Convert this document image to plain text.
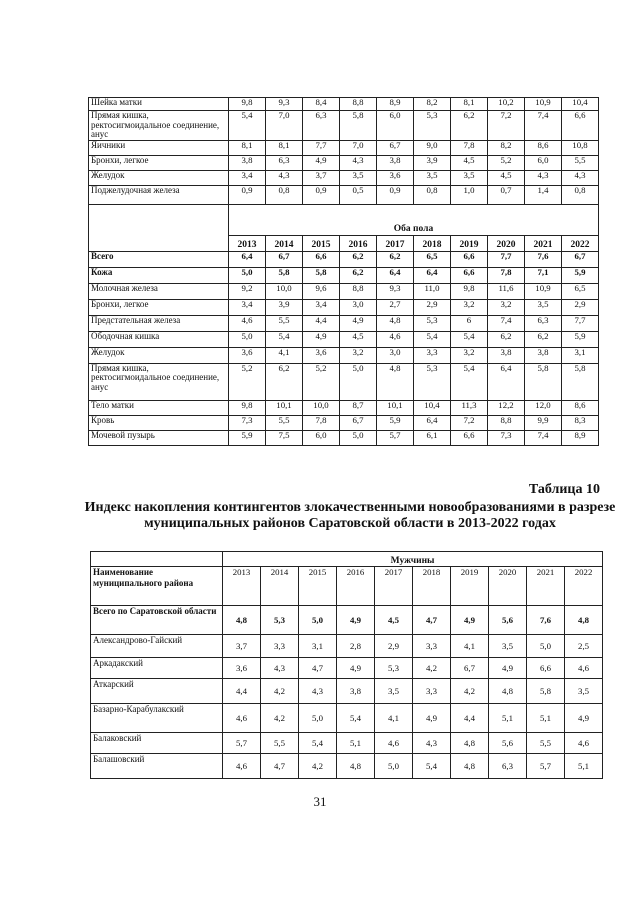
Шейка матки	9,8	9,3	8,4	8,8	8,9	8,2	8,1	10,2	10,9	10,4
Прямая кишка, ректосигмоидальное соединение, анус	5,4	7,0	6,3	5,8	6,0	5,3	6,2	7,2	7,4	6,6
Яичники	8,1	8,1	7,7	7,0	6,7	9,0	7,8	8,2	8,6	10,8
Бронхи, легкое	3,8	6,3	4,9	4,3	3,8	3,9	4,5	5,2	6,0	5,5
Желудок	3,4	4,3	3,7	3,5	3,6	3,5	3,5	4,5	4,3	4,3
Поджелудочная железа	0,9	0,8	0,9	0,5	0,9	0,8	1,0	0,7	1,4	0,8
	Оба пола									
	2013	2014	2015	2016	2017	2018	2019	2020	2021	2022
Всего	6,4	6,7	6,6	6,2	6,2	6,5	6,6	7,7	7,6	6,7
Кожа	5,0	5,8	5,8	6,2	6,4	6,4	6,6	7,8	7,1	5,9
Молочная железа	9,2	10,0	9,6	8,8	9,3	11,0	9,8	11,6	10,9	6,5
Бронхи, легкое	3,4	3,9	3,4	3,0	2,7	2,9	3,2	3,2	3,5	2,9
Предстательная железа	4,6	5,5	4,4	4,9	4,8	5,3	6	7,4	6,3	7,7
Ободочная кишка	5,0	5,4	4,9	4,5	4,6	5,4	5,4	6,2	6,2	5,9
Желудок	3,6	4,1	3,6	3,2	3,0	3,3	3,2	3,8	3,8	3,1
Прямая кишка, ректосигмоидальное соединение, анус	5,2	6,2	5,2	5,0	4,8	5,3	5,4	6,4	5,8	5,8
Тело матки	9,8	10,1	10,0	8,7	10,1	10,4	11,3	12,2	12,0	8,6
Кровь	7,3	5,5	7,8	6,7	5,9	6,4	7,2	8,8	9,9	8,3
Мочевой пузырь	5,9	7,5	6,0	5,0	5,7	6,1	6,6	7,3	7,4	8,9
Таблица 10
Индекс накопления контингентов злокачественными новообразованиями в разрезе муниципальных районов Саратовской области в 2013-2022 годах
	Мужчины									
Наименование муниципального района	2013	2014	2015	2016	2017	2018	2019	2020	2021	2022
Всего по Саратовской области	4,8	5,3	5,0	4,9	4,5	4,7	4,9	5,6	7,6	4,8
Александрово-Гайский	3,7	3,3	3,1	2,8	2,9	3,3	4,1	3,5	5,0	2,5
Аркадакский	3,6	4,3	4,7	4,9	5,3	4,2	6,7	4,9	6,6	4,6
Аткарский	4,4	4,2	4,3	3,8	3,5	3,3	4,2	4,8	5,8	3,5
Базарно-Карабулакский	4,6	4,2	5,0	5,4	4,1	4,9	4,4	5,1	5,1	4,9
Балаковский	5,7	5,5	5,4	5,1	4,6	4,3	4,8	5,6	5,5	4,6
Балашовский	4,6	4,7	4,2	4,8	5,0	5,4	4,8	6,3	5,7	5,1
31
